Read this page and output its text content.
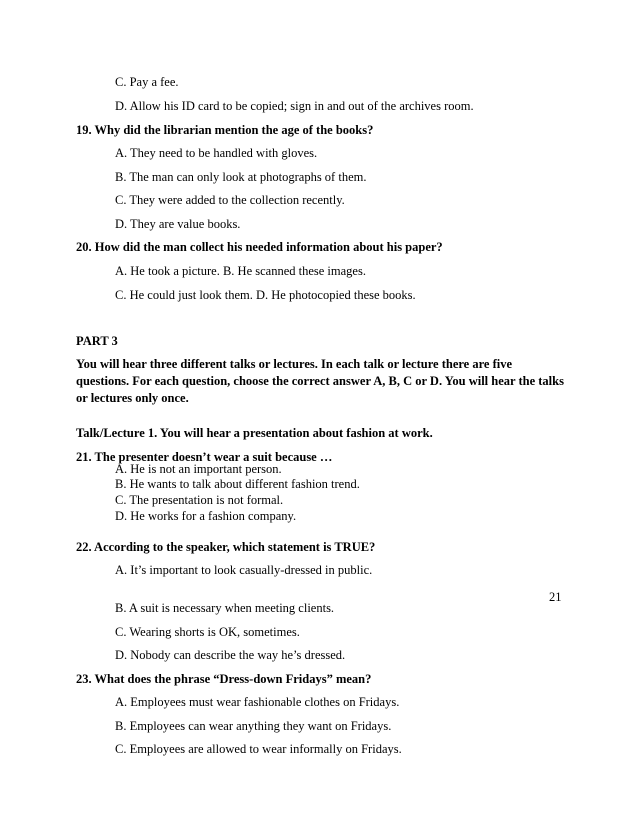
C. Pay a fee.
D. Allow his ID card to be copied; sign in and out of the archives room.
19. Why did the librarian mention the age of the books?
A. They need to be handled with gloves.
B. The man can only look at photographs of them.
C. They were added to the collection recently.
D. They are value books.
20. How did the man collect his needed information about his paper?
A. He took a picture. B. He scanned these images.
C. He could just look them. D. He photocopied these books.
PART 3
You will hear three different talks or lectures. In each talk or lecture there are five questions. For each question, choose the correct answer A, B, C or D. You will hear the talks or lectures only once.
Talk/Lecture 1. You will hear a presentation about fashion at work.
21. The presenter doesn’t wear a suit because …
A. He is not an important person.
B. He wants to talk about different fashion trend.
C. The presentation is not formal.
D. He works for a fashion company.
22. According to the speaker, which statement is TRUE?
A. It’s important to look casually-dressed in public.
21
B. A suit is necessary when meeting clients.
C. Wearing shorts is OK, sometimes.
D. Nobody can describe the way he’s dressed.
23. What does the phrase “Dress-down Fridays” mean?
A. Employees must wear fashionable clothes on Fridays.
B. Employees can wear anything they want on Fridays.
C. Employees are allowed to wear informally on Fridays.
